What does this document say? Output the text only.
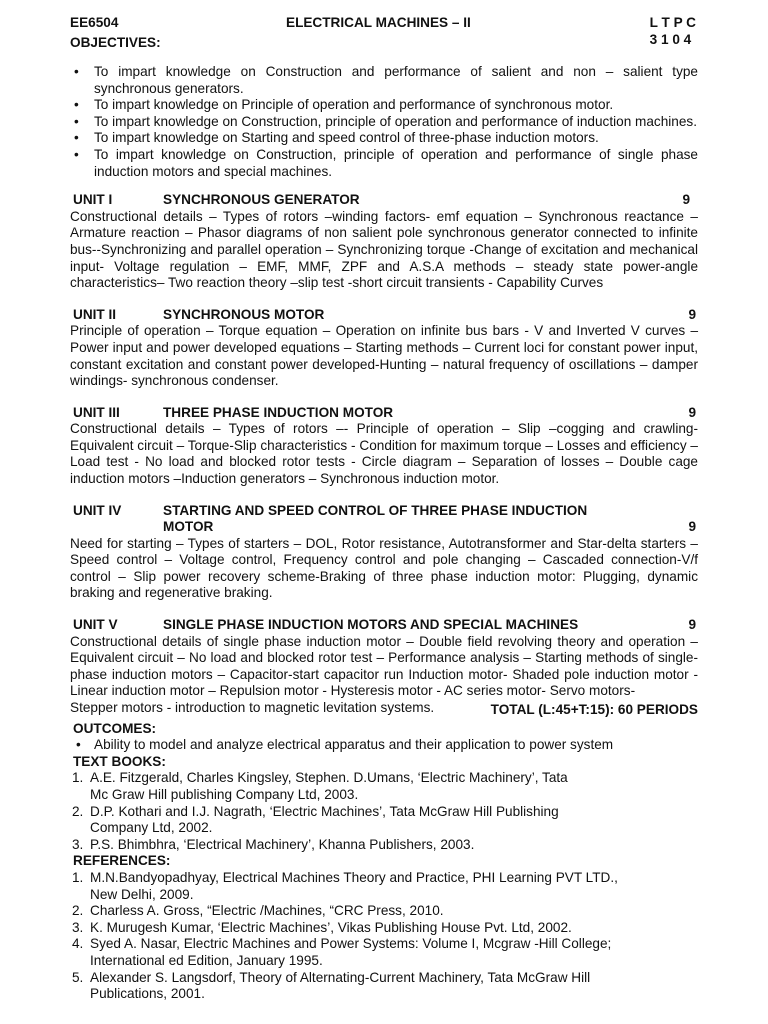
EE6504	ELECTRICAL MACHINES – II	L T P C
3 1 0 4
OBJECTIVES:
• To impart knowledge on Construction and performance of salient and non – salient type synchronous generators.
• To impart knowledge on Principle of operation and performance of synchronous motor.
• To impart knowledge on Construction, principle of operation and performance of induction machines.
• To impart knowledge on Starting and speed control of three-phase induction motors.
• To impart knowledge on Construction, principle of operation and performance of single phase induction motors and special machines.
UNIT I	SYNCHRONOUS GENERATOR	9
Constructional details – Types of rotors –winding factors- emf equation – Synchronous reactance – Armature reaction – Phasor diagrams of non salient pole synchronous generator connected to infinite bus--Synchronizing and parallel operation – Synchronizing torque -Change of excitation and mechanical input- Voltage regulation – EMF, MMF, ZPF and A.S.A methods – steady state power-angle characteristics– Two reaction theory –slip test -short circuit transients - Capability Curves
UNIT II	SYNCHRONOUS MOTOR	9
Principle of operation – Torque equation – Operation on infinite bus bars - V and Inverted V curves – Power input and power developed equations – Starting methods – Current loci for constant power input, constant excitation and constant power developed-Hunting – natural frequency of oscillations – damper windings- synchronous condenser.
UNIT III	THREE PHASE INDUCTION MOTOR	9
Constructional details – Types of rotors –- Principle of operation – Slip –cogging and crawling- Equivalent circuit – Torque-Slip characteristics - Condition for maximum torque – Losses and efficiency – Load test - No load and blocked rotor tests - Circle diagram – Separation of losses – Double cage induction motors –Induction generators – Synchronous induction motor.
UNIT IV	STARTING AND SPEED CONTROL OF THREE PHASE INDUCTION
MOTOR	9
Need for starting – Types of starters – DOL, Rotor resistance, Autotransformer and Star-delta starters – Speed control – Voltage control, Frequency control and pole changing – Cascaded connection-V/f control – Slip power recovery scheme-Braking of three phase induction motor: Plugging, dynamic braking and regenerative braking.
UNIT V	SINGLE PHASE INDUCTION MOTORS AND SPECIAL MACHINES	9
Constructional details of single phase induction motor – Double field revolving theory and operation – Equivalent circuit – No load and blocked rotor test – Performance analysis – Starting methods of single-phase induction motors – Capacitor-start capacitor run Induction motor- Shaded pole induction motor - Linear induction motor – Repulsion motor - Hysteresis motor - AC series motor- Servo motors-
Stepper motors - introduction to magnetic levitation systems.	TOTAL (L:45+T:15): 60 PERIODS
OUTCOMES:
• Ability to model and analyze electrical apparatus and their application to power system
TEXT BOOKS:
1. A.E. Fitzgerald, Charles Kingsley, Stephen. D.Umans, ‘Electric Machinery’, Tata
Mc Graw Hill publishing Company Ltd, 2003.
2. D.P. Kothari and I.J. Nagrath, ‘Electric Machines’, Tata McGraw Hill Publishing
Company Ltd, 2002.
3. P.S. Bhimbhra, ‘Electrical Machinery’, Khanna Publishers, 2003.
REFERENCES:
1. M.N.Bandyopadhyay, Electrical Machines Theory and Practice, PHI Learning PVT LTD.,
New Delhi, 2009.
2. Charless A. Gross, “Electric /Machines, “CRC Press, 2010.
3. K. Murugesh Kumar, ‘Electric Machines’, Vikas Publishing House Pvt. Ltd, 2002.
4. Syed A. Nasar, Electric Machines and Power Systems: Volume I, Mcgraw -Hill College;
International ed Edition, January 1995.
5. Alexander S. Langsdorf, Theory of Alternating-Current Machinery, Tata McGraw Hill
Publications, 2001.
